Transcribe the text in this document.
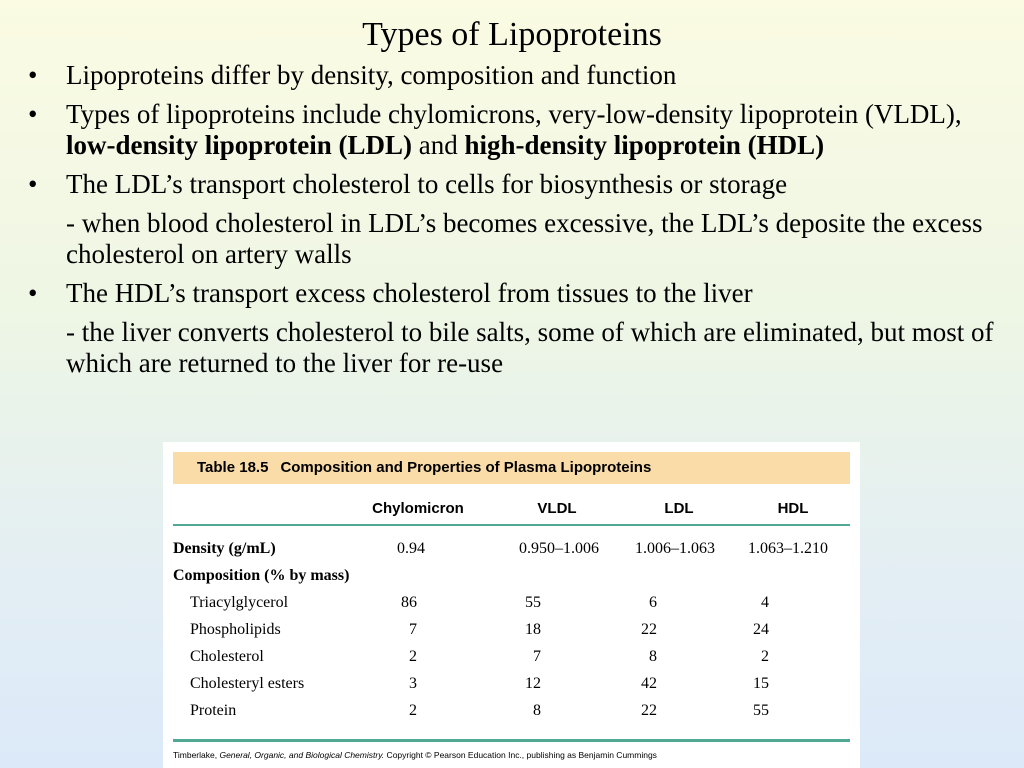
Types of Lipoproteins
• Lipoproteins differ by density, composition and function
• Types of lipoproteins include chylomicrons, very-low-density lipoprotein (VLDL), low-density lipoprotein (LDL) and high-density lipoprotein (HDL)
• The LDL’s transport cholesterol to cells for biosynthesis or storage
- when blood cholesterol in LDL’s becomes excessive, the LDL’s deposite the excess cholesterol on artery walls
• The HDL’s transport excess cholesterol from tissues to the liver
- the liver converts cholesterol to bile salts, some of which are eliminated, but most of which are returned to the liver for re-use
Table 18.5 Composition and Properties of Plasma Lipoproteins
Chylomicron	VLDL	LDL	HDL
Density (g/mL)	0.94	0.950–1.006 1.006–1.063 1.063–1.210
Composition (% by mass)
Triacylglycerol	86	55	6	4
Phospholipids	7	18	22	24
Cholesterol	2	7	8	2
Cholesteryl esters	3	12	42	15
Protein	2	8	22	55
Timberlake, General, Organic, and Biological Chemistry. Copyright © Pearson Education Inc., publishing as Benjamin Cummings
